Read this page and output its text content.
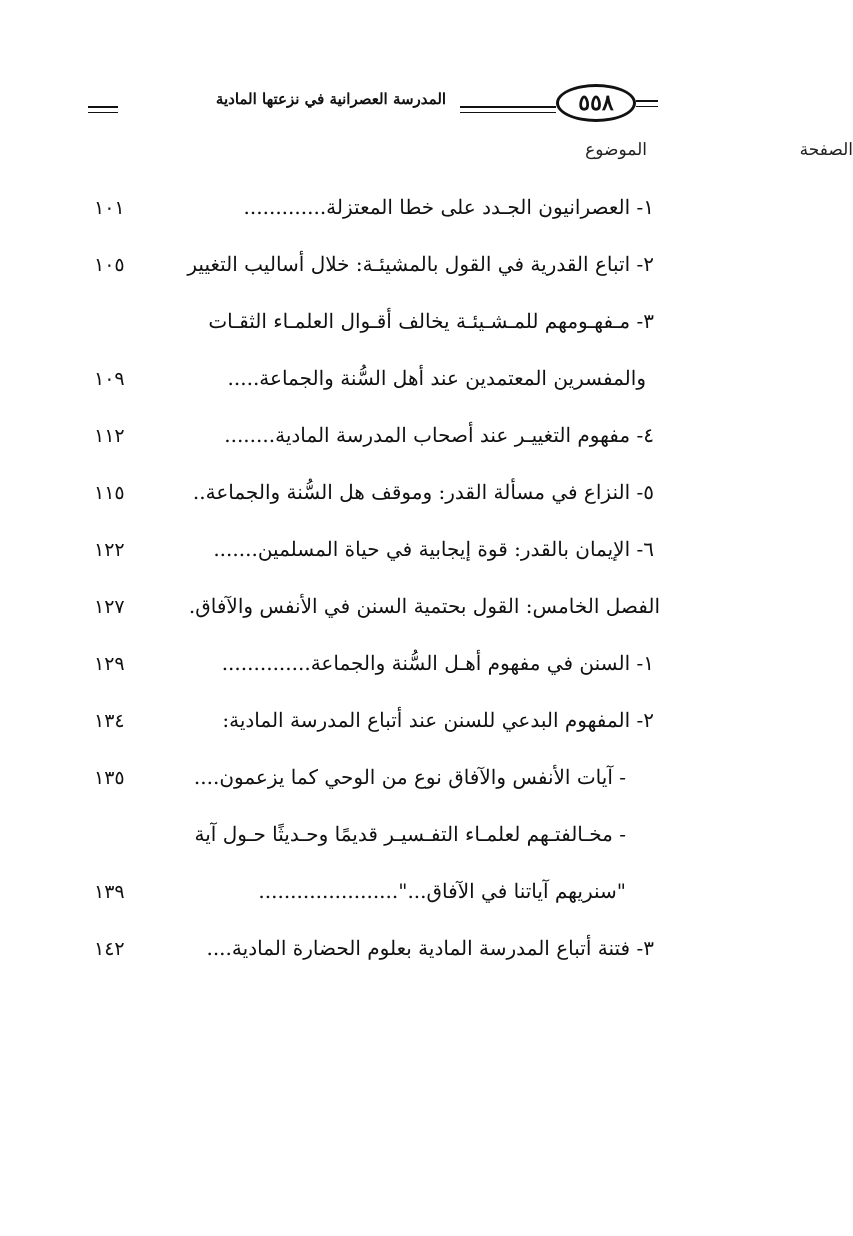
المدرسة العصرانية في نزعتها المادية	٥٥٨
الموضوع	الصفحة
١- العصرانيون الجـدد على خطا المعتزلة.............
١٠١
٢- اتباع القدرية في القول بالمشيئـة: خلال أساليب التغيير
١٠٥
٣- مـفهـومهم للمـشـيئـة يخالف أقـوال العلمـاء الثقـات
والمفسرين المعتمدين عند أهل السُّنة والجماعة.....
١٠٩
٤- مفهوم التغييـر عند أصحاب المدرسة المادية........
١١٢
٥- النزاع في مسألة القدر: وموقف هل السُّنة والجماعة..
١١٥
٦- الإيمان بالقدر: قوة إيجابية في حياة المسلمين.......
١٢٢
الفصل الخامس: القول بحتمية السنن في الأنفس والآفاق.
١٢٧
١- السنن في مفهوم أهـل السُّنة والجماعة..............
١٢٩
٢- المفهوم البدعي للسنن عند أتباع المدرسة المادية:
١٣٤
- آيات الأنفس والآفاق نوع من الوحي كما يزعمون....
١٣٥
- مخـالفتـهم لعلمـاء التفـسيـر قديمًا وحـديثًا حـول آية
"سنريهم آياتنا في الآفاق..."......................
١٣٩
٣- فتنة أتباع المدرسة المادية بعلوم الحضارة المادية....
١٤٢
